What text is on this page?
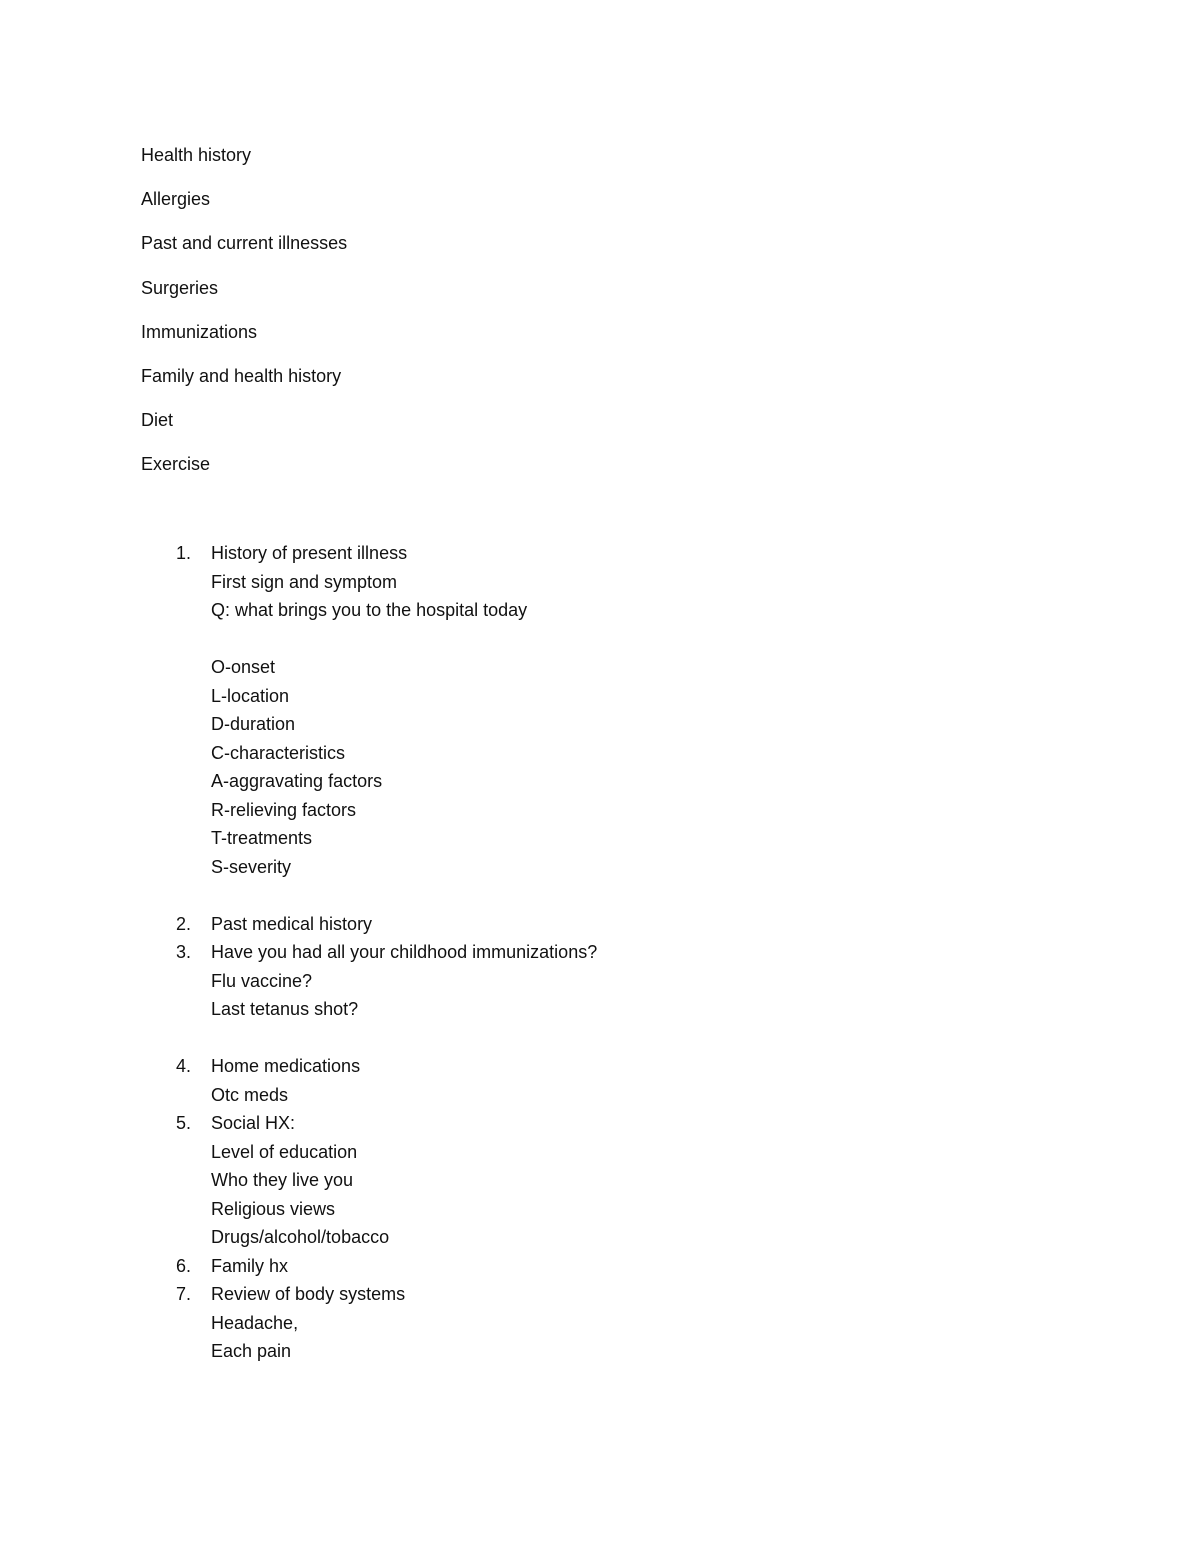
Health history
Allergies
Past and current illnesses
Surgeries
Immunizations
Family and health history
Diet
Exercise
1. History of present illness
First sign and symptom
Q: what brings you to the hospital today
O-onset
L-location
D-duration
C-characteristics
A-aggravating factors
R-relieving factors
T-treatments
S-severity
2. Past medical history
3. Have you had all your childhood immunizations?
Flu vaccine?
Last tetanus shot?
4. Home medications
Otc meds
5. Social HX:
Level of education
Who they live you
Religious views
Drugs/alcohol/tobacco
6. Family hx
7. Review of body systems
Headache,
Each pain
